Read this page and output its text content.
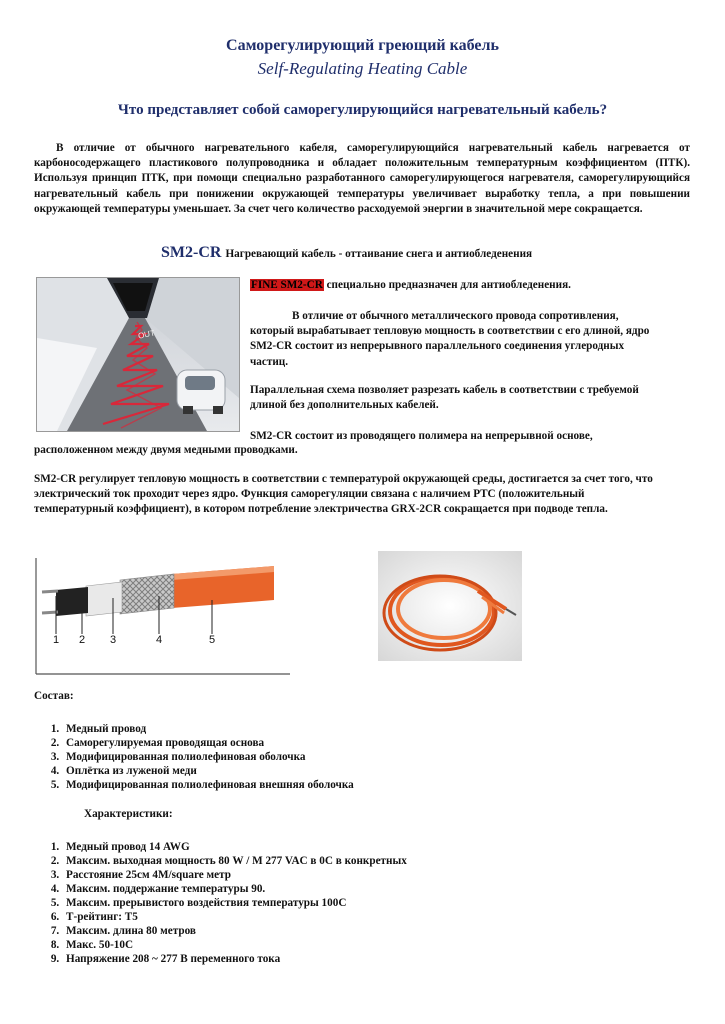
Саморегулирующий греющий кабель
Self-Regulating Heating Cable
Что представляет собой саморегулирующийся нагревательный кабель?
В отличие от обычного нагревательного кабеля, саморегулирующийся нагревательный кабель нагревается от карбоносодержащего пластикового полупроводника и обладает положительным температурным коэффициентом (ПТК). Используя принцип ПТК, при помощи специально разработанного саморегулирующегося нагревателя, саморегулирующийся нагревательный кабель при понижении окружающей температуры увеличивает выработку тепла, а при повышении окружающей температуры уменьшает. За счет чего количество расходуемой энергии в значительной мере сокращается.
SM2-CR Нагревающий кабель - оттаивание снега и антиобледенения
OUT
FINE SM2-CR специально предназначен для антиобледенения.
В отличие от обычного металлического провода сопротивления, который вырабатывает тепловую мощность в соответствии с его длиной, ядро SM2-CR состоит из непрерывного параллельного соединения углеродных частиц.
Параллельная схема позволяет разрезать кабель в соответствии с требуемой длиной без дополнительных кабелей.
SM2-CR состоит из проводящего полимера на непрерывной основе,
расположенном между двумя медными проводками.
SM2-CR регулирует тепловую мощность в соответствии с температурой окружающей среды, достигается за счет того, что электрический ток проходит через ядро. Функция саморегуляции связана с наличием PTC (положительный температурный коэффициент), в котором потребление электричества GRX-2CR сокращается при подводе тепла.
1 2 3	4	5
Состав:
1. Медный провод
2. Саморегулируемая проводящая основа
3. Модифицированная полиолефиновая оболочка
4. Оплётка из луженой меди
5. Модифицированная полиолефиновая внешняя оболочка
Характеристики:
1. Медный провод 14 AWG
2. Максим. выходная мощность 80 W / M 277 VAC в 0C в конкретных
3. Расстояние 25см 4M/square метр
4. Максим. поддержание температуры 90.
5. Максим. прерывистого воздействия температуры 100C
6. Т-рейтинг: T5
7. Максим. длина 80 метров
8. Макс. 50-10C
9. Напряжение 208 ~ 277 В переменного тока
